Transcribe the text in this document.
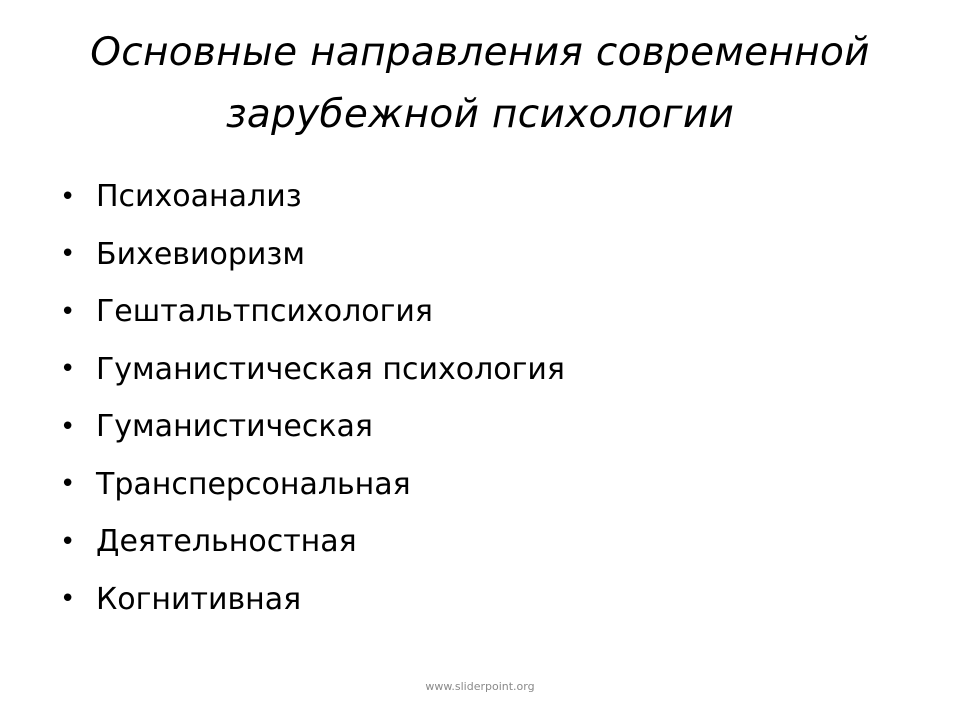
Основные направления современной
зарубежной психологии
• Психоанализ
• Бихевиоризм
• Гештальтпсихология
• Гуманистическая психология
• Гуманистическая
• Трансперсональная
• Деятельностная
• Когнитивная
www.sliderpoint.org
